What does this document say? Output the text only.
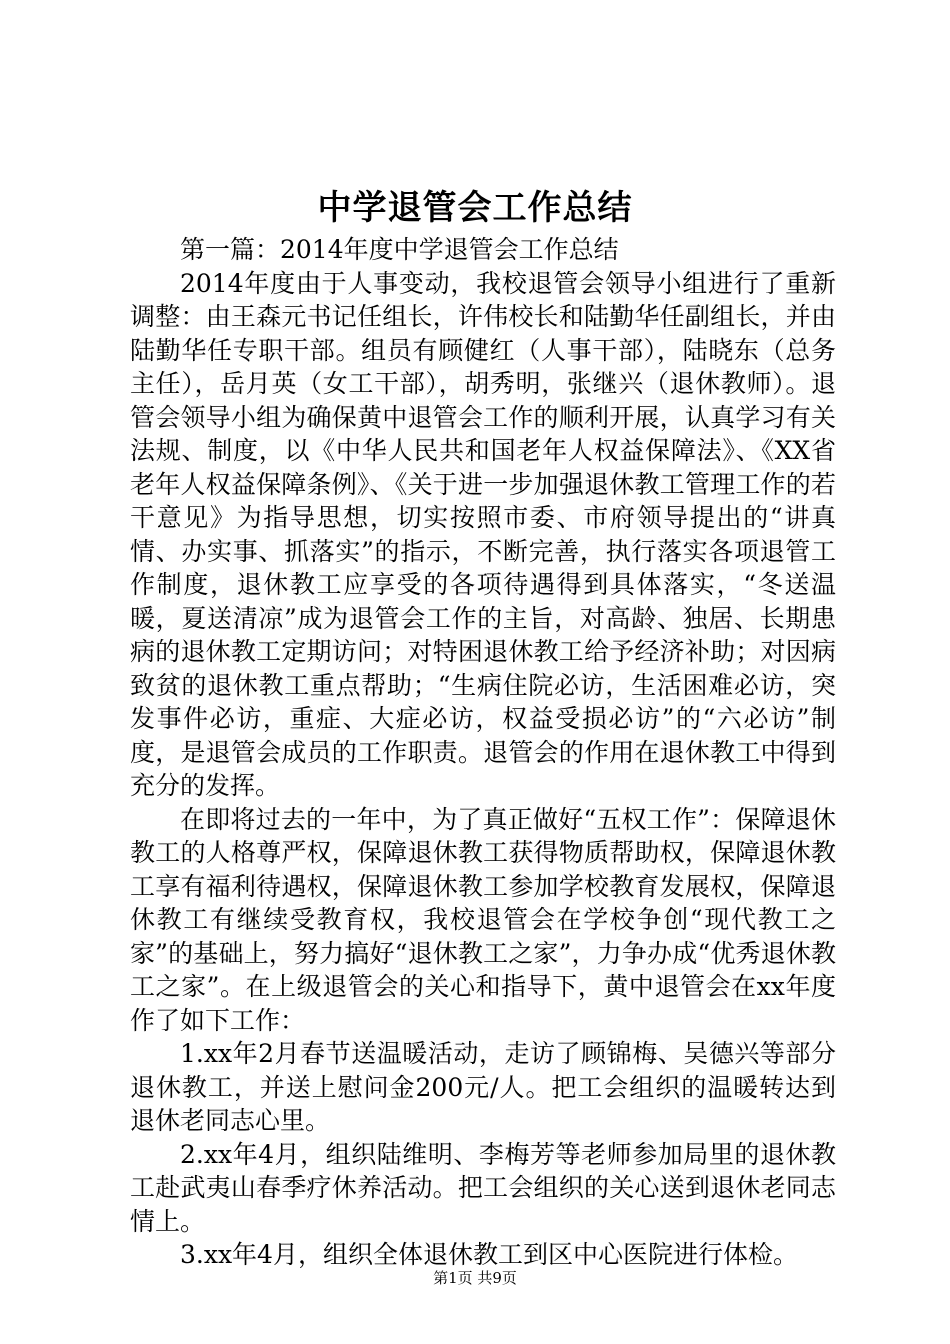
中学退管会工作总结

第一篇：2014年度中学退管会工作总结

2014年度由于人事变动，我校退管会领导小组进行了重新调整：由王森元书记任组长，许伟校长和陆勤华任副组长，并由陆勤华任专职干部。组员有顾健红（人事干部），陆晓东（总务主任），岳月英（女工干部），胡秀明，张继兴（退休教师）。退管会领导小组为确保黄中退管会工作的顺利开展，认真学习有关法规、制度，以《中华人民共和国老年人权益保障法》、《XX省老年人权益保障条例》、《关于进一步加强退休教工管理工作的若干意见》为指导思想，切实按照市委、市府领导提出的“讲真情、办实事、抓落实”的指示，不断完善，执行落实各项退管工作制度，退休教工应享受的各项待遇得到具体落实，“冬送温暖，夏送清凉”成为退管会工作的主旨，对高龄、独居、长期患病的退休教工定期访问；对特困退休教工给予经济补助；对因病致贫的退休教工重点帮助；“生病住院必访，生活困难必访，突发事件必访，重症、大症必访，权益受损必访”的“六必访”制度，是退管会成员的工作职责。退管会的作用在退休教工中得到充分的发挥。

在即将过去的一年中，为了真正做好“五权工作”：保障退休教工的人格尊严权，保障退休教工获得物质帮助权，保障退休教工享有福利待遇权，保障退休教工参加学校教育发展权，保障退休教工有继续受教育权，我校退管会在学校争创“现代教工之家”的基础上，努力搞好“退休教工之家”，力争办成“优秀退休教工之家”。在上级退管会的关心和指导下，黄中退管会在xx年度作了如下工作：

1.xx年2月春节送温暖活动，走访了顾锦梅、吴德兴等部分退休教工，并送上慰问金200元/人。把工会组织的温暖转达到退休老同志心里。

2.xx年4月，组织陆维明、李梅芳等老师参加局里的退休教工赴武夷山春季疗休养活动。把工会组织的关心送到退休老同志情上。

3.xx年4月，组织全体退休教工到区中心医院进行体检。

第1页 共9页
